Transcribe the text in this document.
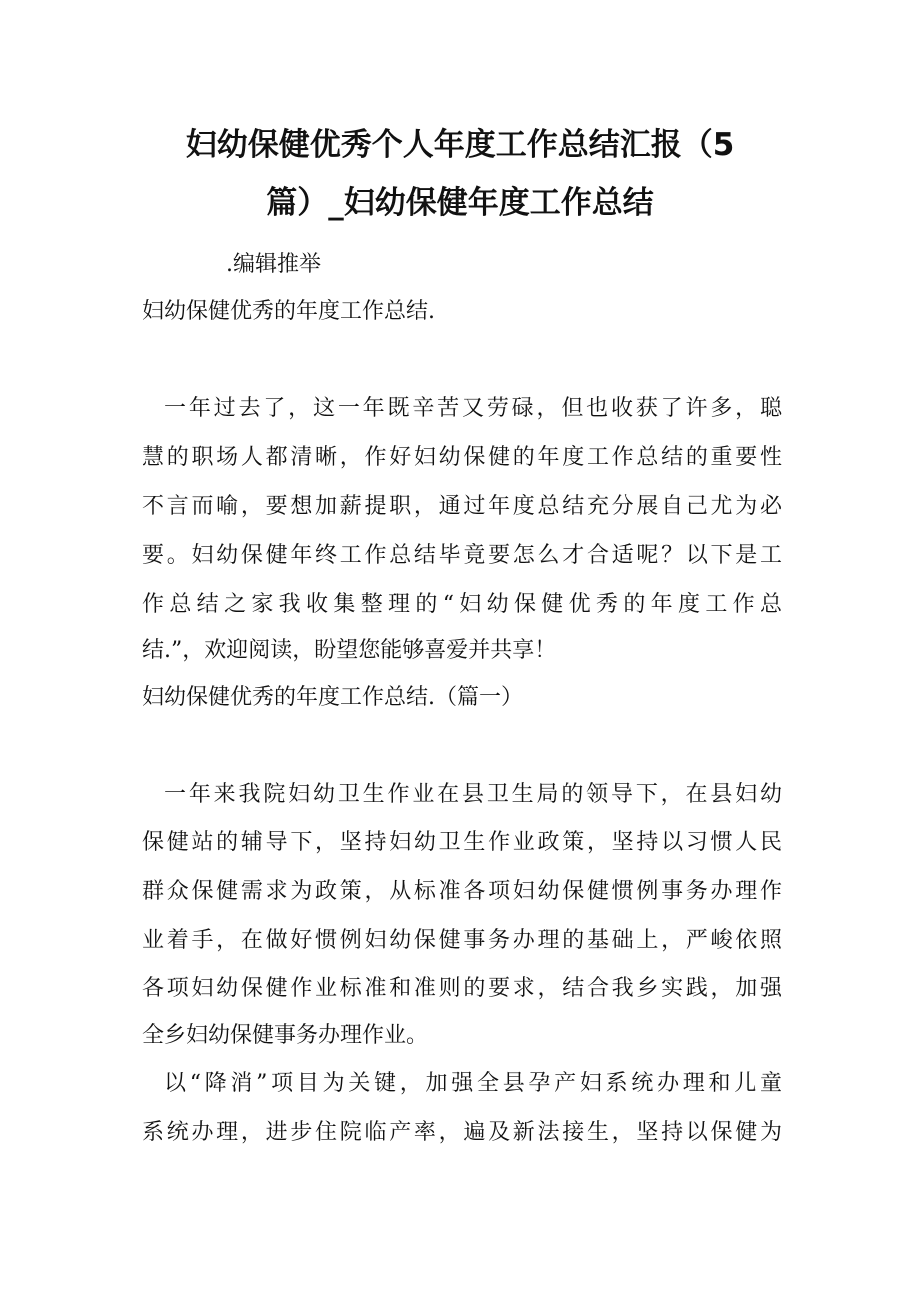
妇幼保健优秀个人年度工作总结汇报（5
篇）_妇幼保健年度工作总结

.编辑推举

妇幼保健优秀的年度工作总结.

一年过去了，这一年既辛苦又劳碌，但也收获了许多，聪

慧的职场人都清晰，作好妇幼保健的年度工作总结的重要性

不言而喻，要想加薪提职，通过年度总结充分展自己尤为必

要。妇幼保健年终工作总结毕竟要怎么才合适呢？以下是工

作总结之家我收集整理的“妇幼保健优秀的年度工作总

结.”，欢迎阅读，盼望您能够喜爱并共享！

妇幼保健优秀的年度工作总结.（篇一）

一年来我院妇幼卫生作业在县卫生局的领导下，在县妇幼

保健站的辅导下，坚持妇幼卫生作业政策，坚持以习惯人民

群众保健需求为政策，从标准各项妇幼保健惯例事务办理作

业着手，在做好惯例妇幼保健事务办理的基础上，严峻依照

各项妇幼保健作业标准和准则的要求，结合我乡实践，加强

全乡妇幼保健事务办理作业。

以“降消”项目为关键，加强全县孕产妇系统办理和儿童

系统办理，进步住院临产率，遍及新法接生，坚持以保健为
